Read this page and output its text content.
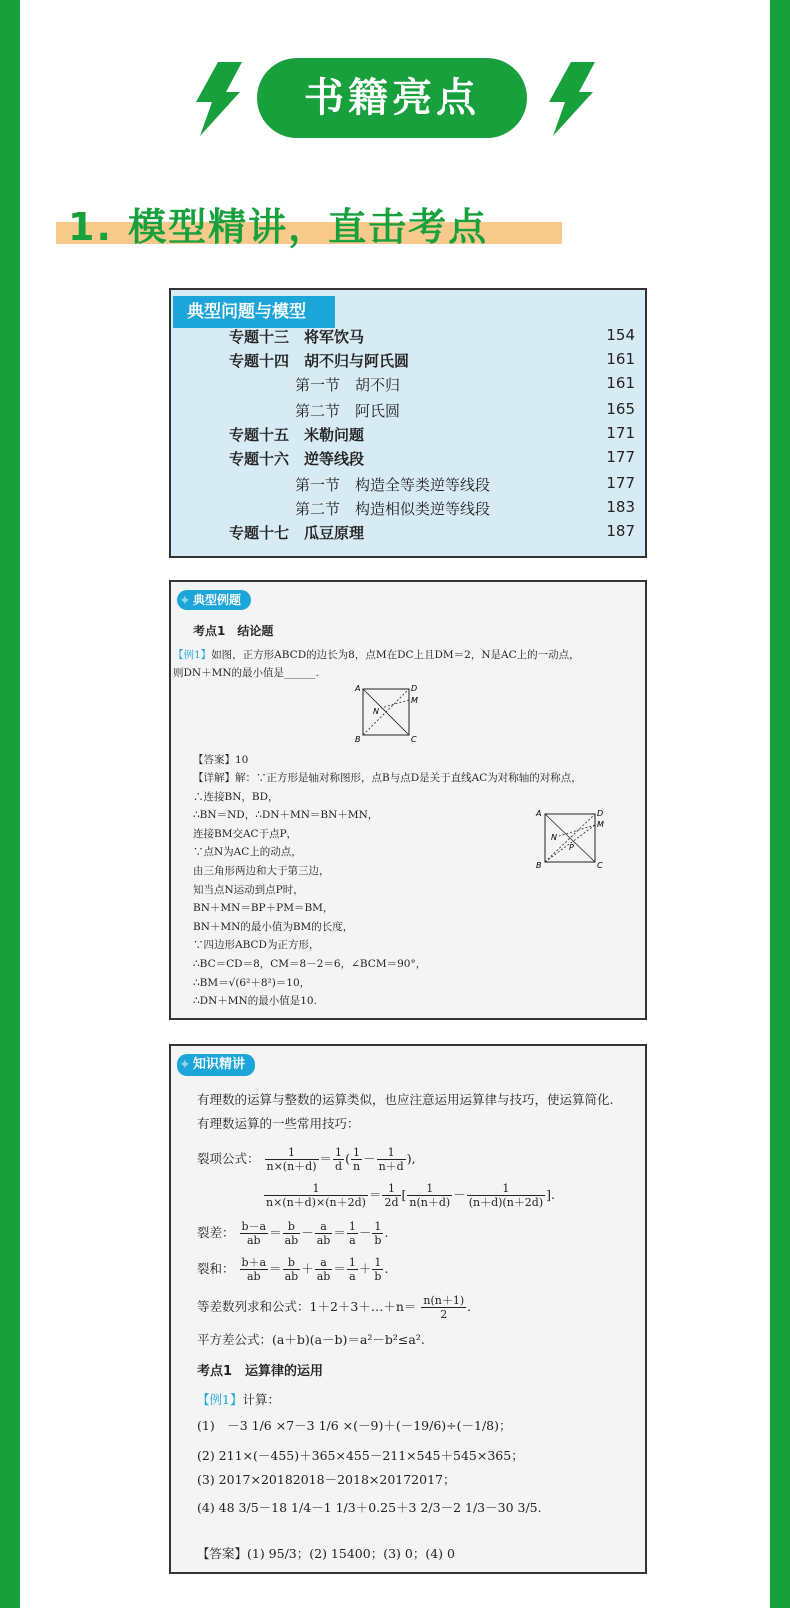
书籍亮点
1. 模型精讲，直击考点
典型问题与模型
专题十三　将军饮马	154
专题十四　胡不归与阿氏圆	161
第一节　胡不归	161
第二节　阿氏圆	165
专题十五　米勒问题	171
专题十六　逆等线段	177
第一节　构造全等类逆等线段	177
第二节　构造相似类逆等线段	183
专题十七　瓜豆原理	187
✦ 典型例题
考点1　结论题
【例1】如图，正方形ABCD的边长为8，点M在DC上且DM＝2，N是AC上的一动点，
则DN＋MN的最小值是______.
A	D
M
N
B	C
【答案】10
【详解】解：∵正方形是轴对称图形，点B与点D是关于直线AC为对称轴的对称点，
∴连接BN，BD，
∴BN＝ND，∴DN＋MN＝BN＋MN，
连接BM交AC于点P，
∵点N为AC上的动点，
由三角形两边和大于第三边，
知当点N运动到点P时，
BN＋MN＝BP＋PM＝BM，
BN＋MN的最小值为BM的长度，
∵四边形ABCD为正方形，
∴BC＝CD＝8，CM＝8－2＝6，∠BCM＝90°，
∴BM＝√(6²＋8²)＝10，
∴DN＋MN的最小值是10.
A	D
M
N
P
B	C
✦ 知识精讲
有理数的运算与整数的运算类似，也应注意运用运算律与技巧，使运算简化.
有理数运算的一些常用技巧：
裂项公式： $\frac{1}{n\times(n+d)} = \frac{1}{d}$ ( $\frac{1}{n} - \frac{1}{n+d}$ ),
$\frac{1}{n\times(n+d)\times(n+2d)} = \frac{1}{2d}$ [ $\frac{1}{n(n+d)} - \frac{1}{(n+d)(n+2d)}$ ].
裂差： $\frac{b-a}{ab} = \frac{b}{ab} - \frac{a}{ab} = \frac{1}{a} - \frac{1}{b}$ .
裂和： $\frac{b+a}{ab} = \frac{b}{ab} + \frac{a}{ab} = \frac{1}{a} + \frac{1}{b}$ .
等差数列求和公式：1＋2＋3＋…＋n＝ $\frac{n(n+1)}{2}$ .
平方差公式：(a＋b)(a－b)＝a²－b²≤a².
考点1　运算律的运用
【例1】计算：
(1)　－3 1/6 ×7－3 1/6 ×(－9)＋(－19/6)÷(－1/8)；
(2) 211×(－455)＋365×455－211×545＋545×365；
(3) 2017×20182018－2018×20172017；
(4) 48 3/5－18 1/4－1 1/3＋0.25＋3 2/3－2 1/3－30 3/5.
【答案】(1) 95/3；(2) 15400；(3) 0；(4) 0
